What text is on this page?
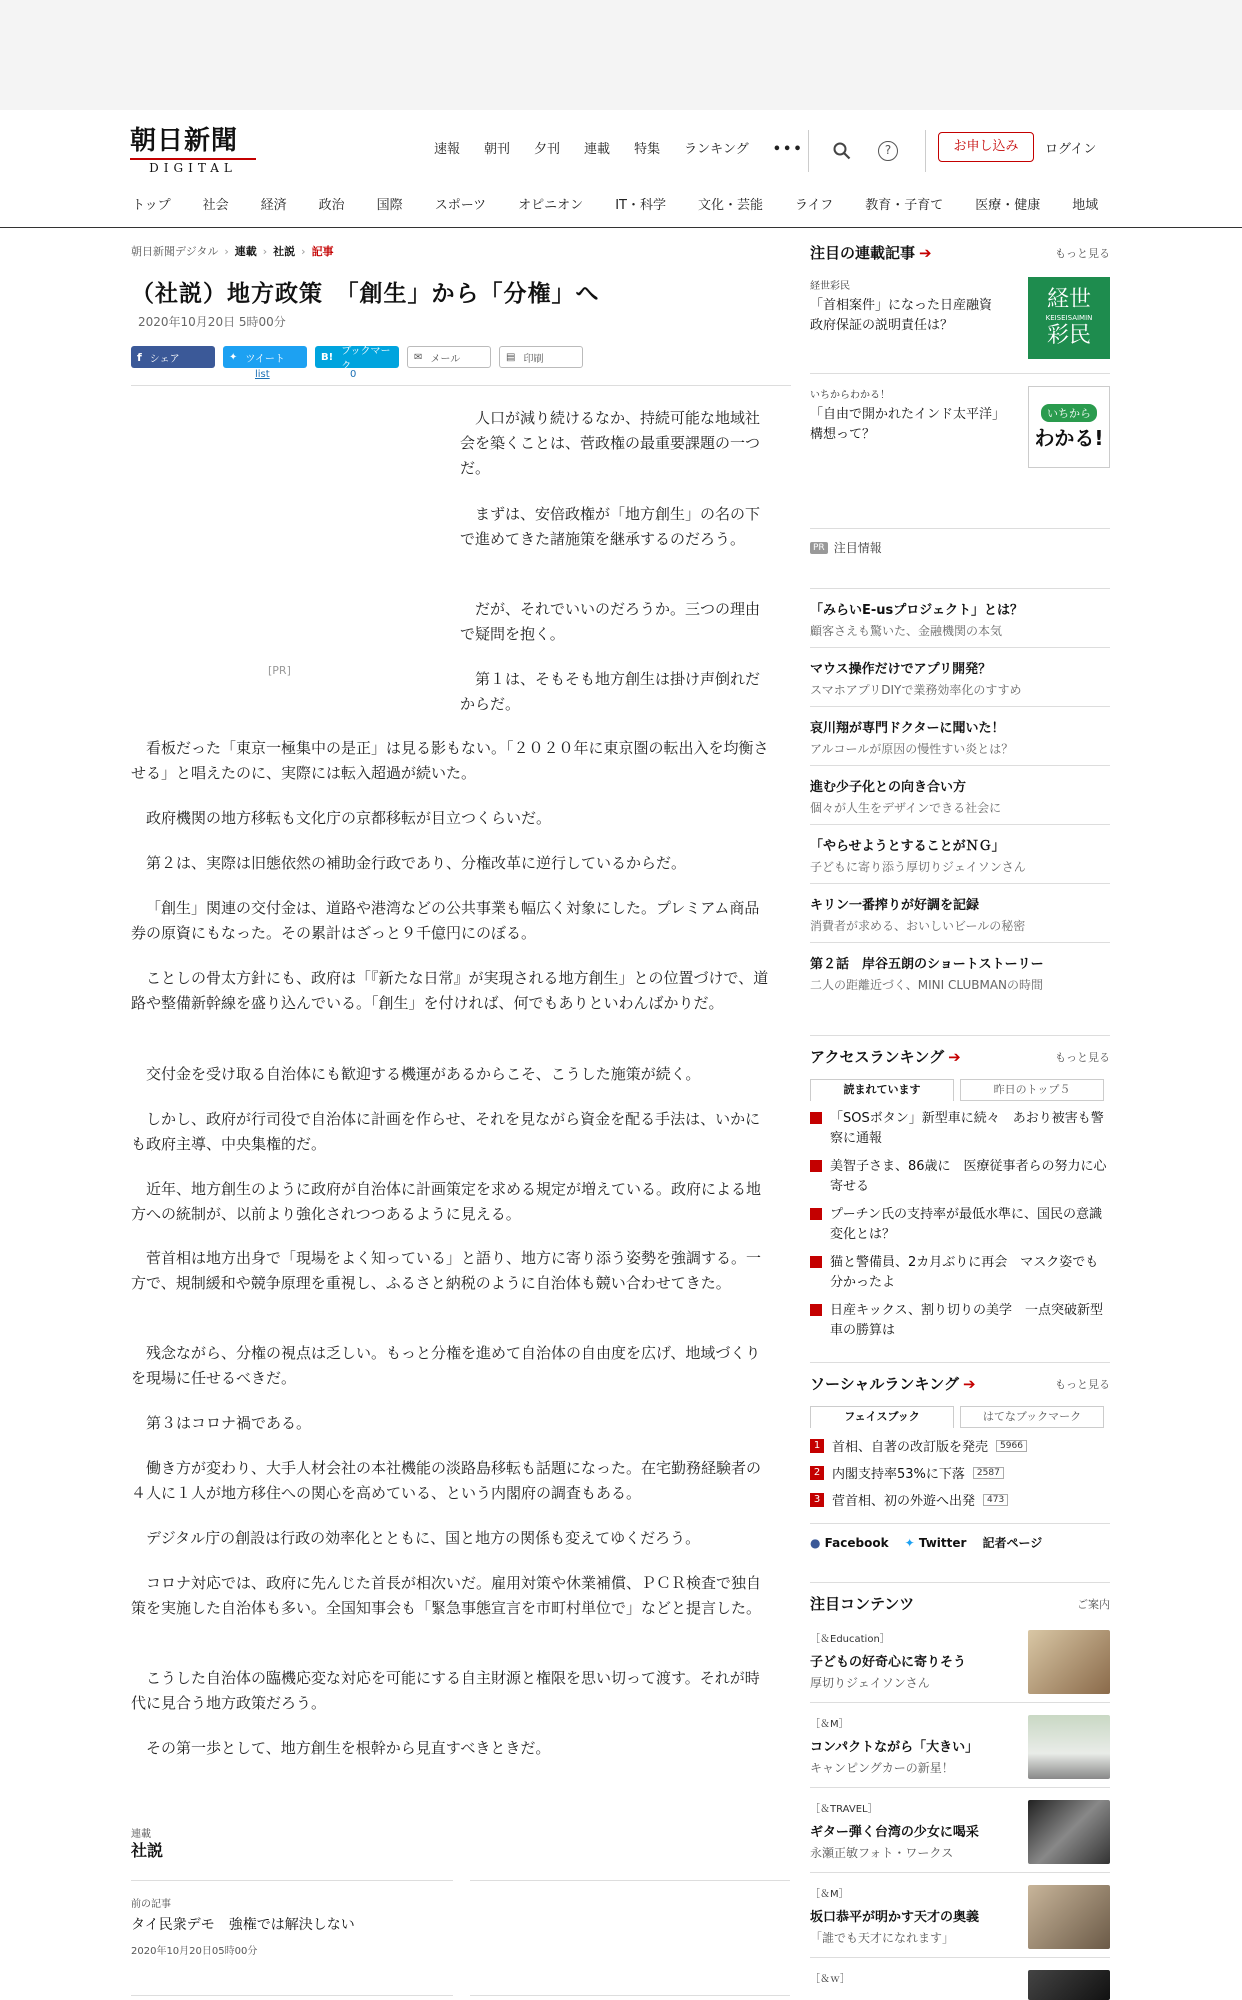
朝日新聞
DIGITAL
速報 朝刊 夕刊 連載 特集 ランキング •••	?	お申し込み	ログイン
トップ 社会 経済 政治 国際 スポーツ オピニオン IT・科学 文化・芸能 ライフ 教育・子育て 医療・健康 地域
朝日新聞デジタル › 連載 › 社説 › 記事
（社説）地方政策　「創生」から「分権」へ
2020年10月20日 5時00分
f シェア	✦ ツイート	B! ブックマーク
✉ メール	▤ 印刷
list	0
[PR]

人口が減り続けるなか、持続可能な地域社会を築くことは、菅政権の最重要課題の一つだ。

まずは、安倍政権が「地方創生」の名の下で進めてきた諸施策を継承するのだろう。

だが、それでいいのだろうか。三つの理由で疑問を抱く。

第１は、そもそも地方創生は掛け声倒れだからだ。

看板だった「東京一極集中の是正」は見る影もない。「２０２０年に東京圏の転出入を均衡させる」と唱えたのに、実際には転入超過が続いた。

政府機関の地方移転も文化庁の京都移転が目立つくらいだ。

第２は、実際は旧態依然の補助金行政であり、分権改革に逆行しているからだ。

「創生」関連の交付金は、道路や港湾などの公共事業も幅広く対象にした。プレミアム商品券の原資にもなった。その累計はざっと９千億円にのぼる。

ことしの骨太方針にも、政府は「『新たな日常』が実現される地方創生」との位置づけで、道路や整備新幹線を盛り込んでいる。「創生」を付ければ、何でもありといわんばかりだ。

交付金を受け取る自治体にも歓迎する機運があるからこそ、こうした施策が続く。

しかし、政府が行司役で自治体に計画を作らせ、それを見ながら資金を配る手法は、いかにも政府主導、中央集権的だ。

近年、地方創生のように政府が自治体に計画策定を求める規定が増えている。政府による地方への統制が、以前より強化されつつあるように見える。

菅首相は地方出身で「現場をよく知っている」と語り、地方に寄り添う姿勢を強調する。一方で、規制緩和や競争原理を重視し、ふるさと納税のように自治体も競い合わせてきた。

残念ながら、分権の視点は乏しい。もっと分権を進めて自治体の自由度を広げ、地域づくりを現場に任せるべきだ。

第３はコロナ禍である。

働き方が変わり、大手人材会社の本社機能の淡路島移転も話題になった。在宅勤務経験者の４人に１人が地方移住への関心を高めている、という内閣府の調査もある。

デジタル庁の創設は行政の効率化とともに、国と地方の関係も変えてゆくだろう。

コロナ対応では、政府に先んじた首長が相次いだ。雇用対策や休業補償、ＰＣＲ検査で独自策を実施した自治体も多い。全国知事会も「緊急事態宣言を市町村単位で」などと提言した。

こうした自治体の臨機応変な対応を可能にする自主財源と権限を思い切って渡す。それが時代に見合う地方政策だろう。

その第一歩として、地方創生を根幹から見直すべきときだ。

連載
社説
前の記事
タイ民衆デモ　強権では解決しない
2020年10月20日05時00分
注目の連載記事 ➔	もっと見る
経世彩民
「首相案件」になった日産融資　政府保証の説明責任は？
経世
KEISEISAIMIN
彩民
いちからわかる！
「自由で開かれたインド太平洋」構想って？
いちから
わかる!
PR 注目情報
「みらいE-usプロジェクト」とは？
顧客さえも驚いた、金融機関の本気
マウス操作だけでアプリ開発？
スマホアプリDIYで業務効率化のすすめ
哀川翔が専門ドクターに聞いた！
アルコールが原因の慢性すい炎とは？
進む少子化との向き合い方
個々が人生をデザインできる社会に
「やらせようとすることがＮＧ」
子どもに寄り添う厚切りジェイソンさん
キリン一番搾りが好調を記録
消費者が求める、おいしいビールの秘密
第２話　岸谷五朗のショートストーリー
二人の距離近づく、MINI CLUBMANの時間
アクセスランキング ➔	もっと見る
読まれています	昨日のトップ５
「SOSボタン」新型車に続々　あおり被害も警察に通報
美智子さま、86歳に　医療従事者らの努力に心寄せる
プーチン氏の支持率が最低水準に、国民の意識変化とは？
猫と警備員、2カ月ぶりに再会　マスク姿でも分かったよ
日産キックス、割り切りの美学　一点突破新型車の勝算は
ソーシャルランキング ➔	もっと見る
フェイスブック	はてなブックマーク
1 首相、自著の改訂版を発売	5966
2 内閣支持率53%に下落	2587
3 菅首相、初の外遊へ出発	473
● Facebook ✦ Twitter 記者ページ
注目コンテンツ	ご案内
［＆Education］
子どもの好奇心に寄りそう
厚切りジェイソンさん
［＆M］
コンパクトながら「大きい」
キャンピングカーの新星！
［＆TRAVEL］
ギター弾く台湾の少女に喝采
永瀬正敏フォト・ワークス
［＆M］
坂口恭平が明かす天才の奥義
「誰でも天才になれます」
［＆ｗ］
